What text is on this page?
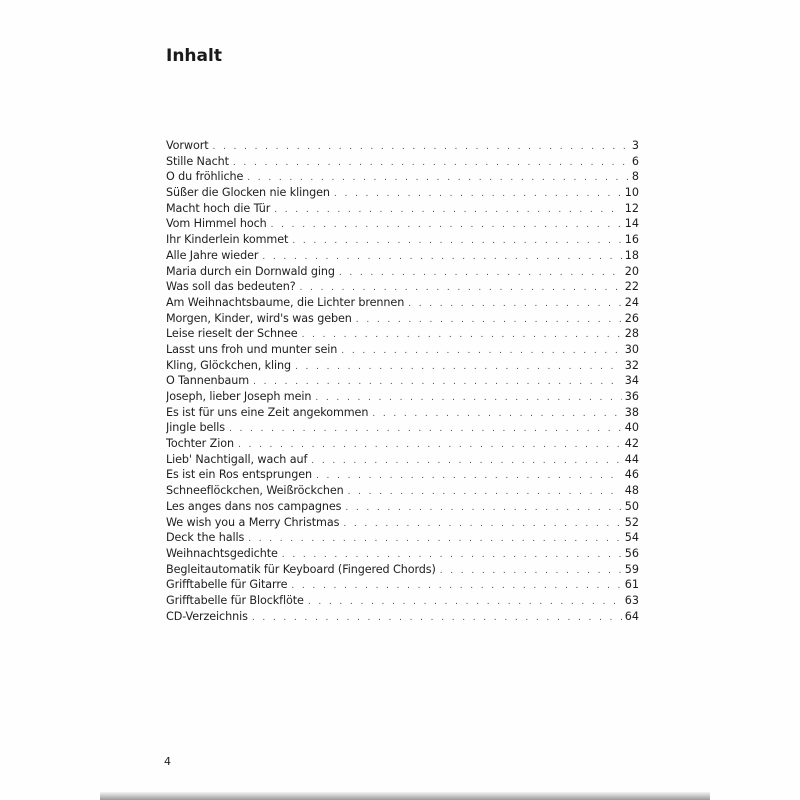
Inhalt
Vorwort . . .	3
Stille Nacht . . .	6
O du fröhliche . . .	8
Süßer die Glocken nie klingen . . .	10
Macht hoch die Tür . . .	12
Vom Himmel hoch . . .	14
Ihr Kinderlein kommet . . .	16
Alle Jahre wieder . . .	18
Maria durch ein Dornwald ging . . .	20
Was soll das bedeuten? . . .	22
Am Weihnachtsbaume, die Lichter brennen . . .	24
Morgen, Kinder, wird's was geben . . .	26
Leise rieselt der Schnee . . .	28
Lasst uns froh und munter sein . . .	30
Kling, Glöckchen, kling . . .	32
O Tannenbaum . . .	34
Joseph, lieber Joseph mein . . .	36
Es ist für uns eine Zeit angekommen . . .	38
Jingle bells . . .	40
Tochter Zion . . .	42
Lieb' Nachtigall, wach auf . . .	44
Es ist ein Ros entsprungen . . .	46
Schneeflöckchen, Weißröckchen . . .	48
Les anges dans nos campagnes . . .	50
We wish you a Merry Christmas . . .	52
Deck the halls . . .	54
Weihnachtsgedichte . . .	56
Begleitautomatik für Keyboard (Fingered Chords) . . .	59
Grifftabelle für Gitarre . . .	61
Grifftabelle für Blockflöte . . .	63
CD-Verzeichnis . . .	64
4
